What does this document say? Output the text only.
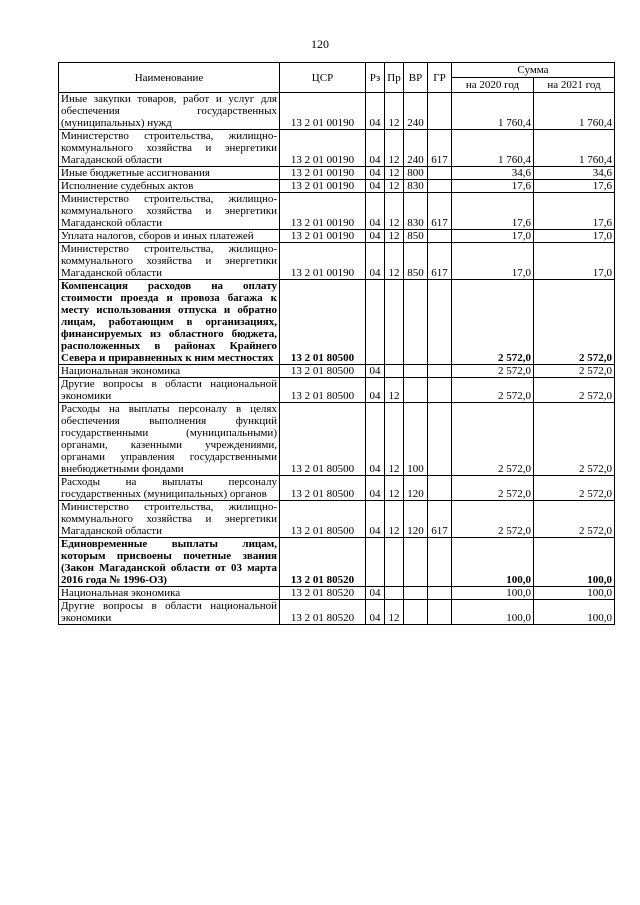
120
Наименование	ЦСР	Рз	Пр	ВР	ГР	Сумма	
						на 2020 год	на 2021 год
Иные закупки товаров, работ и услуг для обеспечения государственных (муниципальных) нужд	13 2 01 00190	04	12	240		1 760,4	1 760,4
Министерство строительства, жилищно-коммунального хозяйства и энергетики Магаданской области	13 2 01 00190	04	12	240	617	1 760,4	1 760,4
Иные бюджетные ассигнования	13 2 01 00190	04	12	800		34,6	34,6
Исполнение судебных актов	13 2 01 00190	04	12	830		17,6	17,6
Министерство строительства, жилищно-коммунального хозяйства и энергетики Магаданской области	13 2 01 00190	04	12	830	617	17,6	17,6
Уплата налогов, сборов и иных платежей	13 2 01 00190	04	12	850		17,0	17,0
Министерство строительства, жилищно-коммунального хозяйства и энергетики Магаданской области	13 2 01 00190	04	12	850	617	17,0	17,0
Компенсация расходов на оплату стоимости проезда и провоза багажа к месту использования отпуска и обратно лицам, работающим в организациях, финансируемых из областного бюджета, расположенных в районах Крайнего Севера и приравненных к ним местностях	13 2 01 80500					2 572,0	2 572,0
Национальная экономика	13 2 01 80500	04				2 572,0	2 572,0
Другие вопросы в области национальной экономики	13 2 01 80500	04	12			2 572,0	2 572,0
Расходы на выплаты персоналу в целях обеспечения выполнения функций государственными (муниципальными) органами, казенными учреждениями, органами управления государственными внебюджетными фондами	13 2 01 80500	04	12	100		2 572,0	2 572,0
Расходы на выплаты персоналу государственных (муниципальных) органов	13 2 01 80500	04	12	120		2 572,0	2 572,0
Министерство строительства, жилищно-коммунального хозяйства и энергетики Магаданской области	13 2 01 80500	04	12	120	617	2 572,0	2 572,0
Единовременные выплаты лицам, которым присвоены почетные звания (Закон Магаданской области от 03 марта 2016 года № 1996-ОЗ)	13 2 01 80520					100,0	100,0
Национальная экономика	13 2 01 80520	04				100,0	100,0
Другие вопросы в области национальной экономики	13 2 01 80520	04	12			100,0	100,0
